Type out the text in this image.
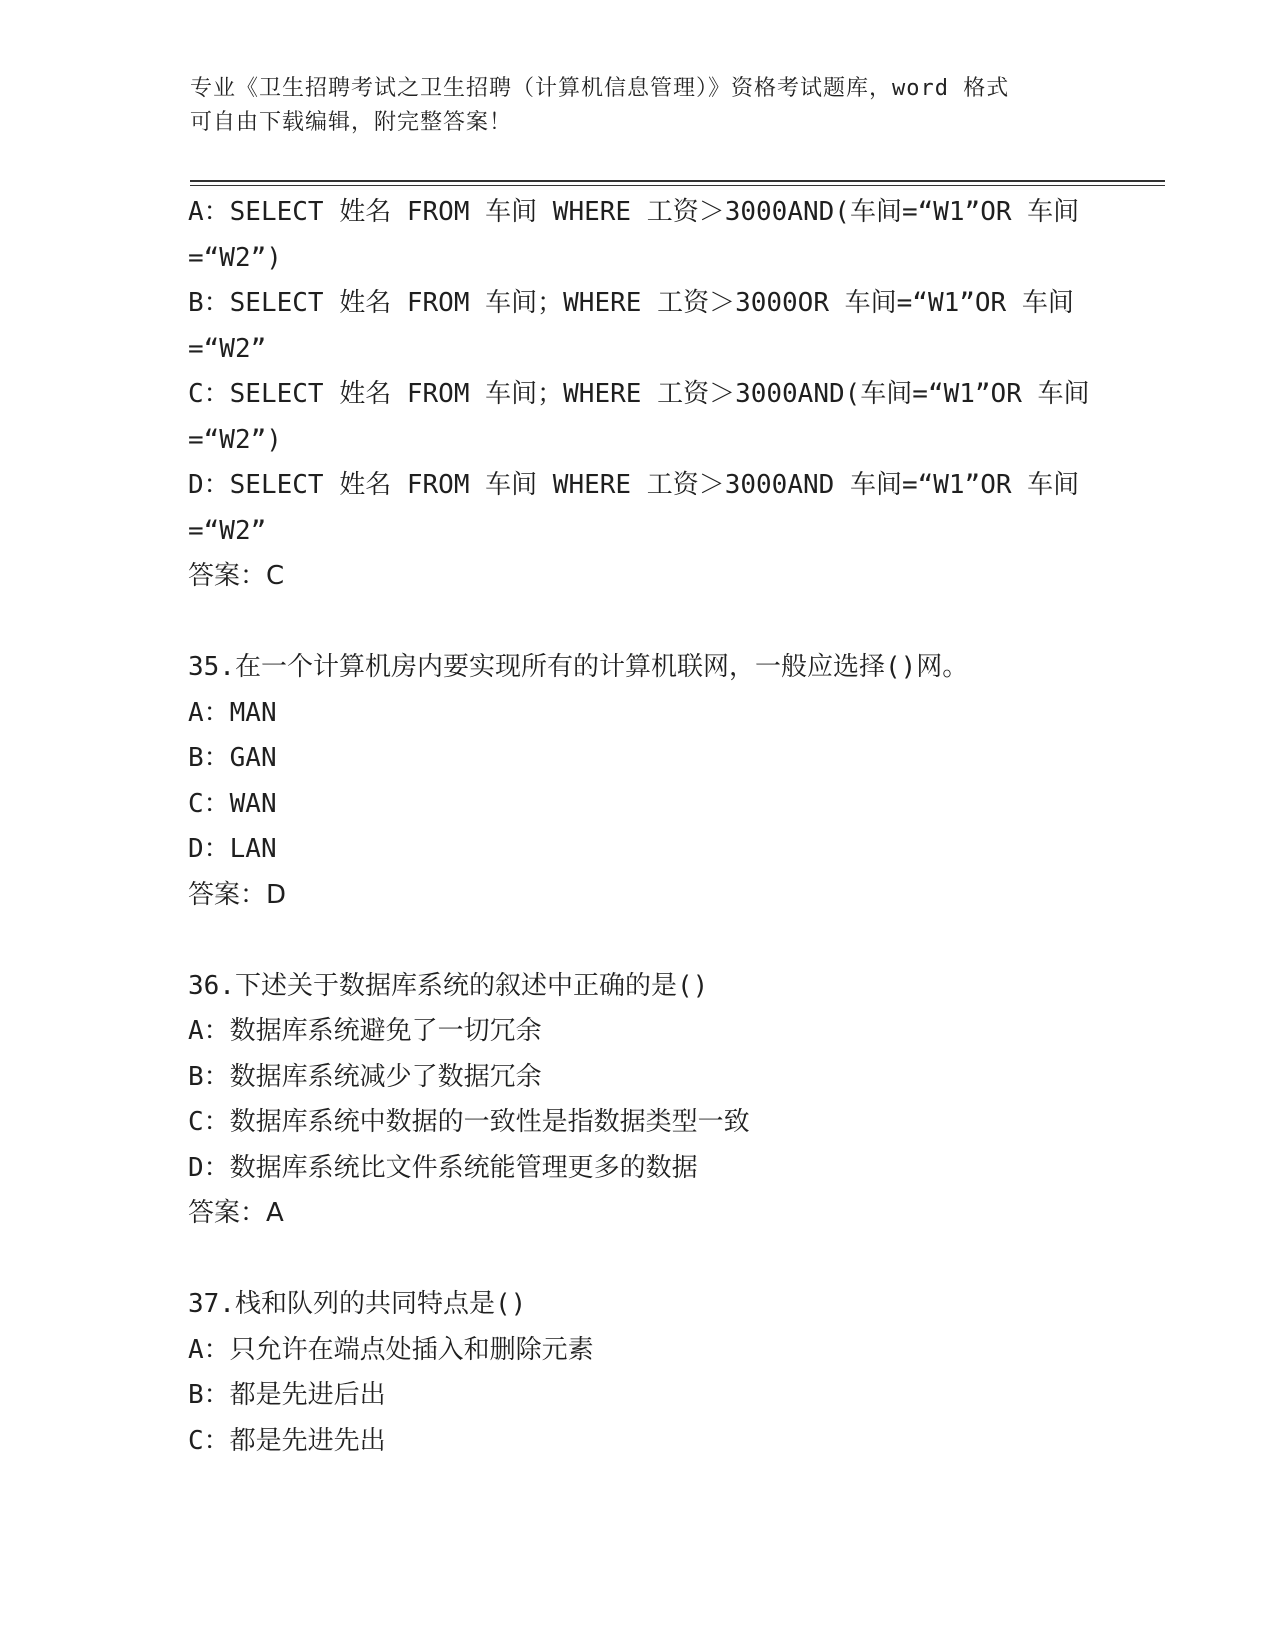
专业《卫生招聘考试之卫生招聘（计算机信息管理）》资格考试题库，word 格式
可自由下载编辑，附完整答案！
A：SELECT 姓名 FROM 车间 WHERE 工资＞3000AND(车间=“W1”OR 车间
=“W2”)
B：SELECT 姓名 FROM 车间；WHERE 工资＞3000OR 车间=“W1”OR 车间
=“W2”
C：SELECT 姓名 FROM 车间；WHERE 工资＞3000AND(车间=“W1”OR 车间
=“W2”)
D：SELECT 姓名 FROM 车间 WHERE 工资＞3000AND 车间=“W1”OR 车间
=“W2”
答案：C
35.在一个计算机房内要实现所有的计算机联网，一般应选择()网。
A：MAN
B：GAN
C：WAN
D：LAN
答案：D
36.下述关于数据库系统的叙述中正确的是()
A：数据库系统避免了一切冗余
B：数据库系统减少了数据冗余
C：数据库系统中数据的一致性是指数据类型一致
D：数据库系统比文件系统能管理更多的数据
答案：A
37.栈和队列的共同特点是()
A：只允许在端点处插入和删除元素
B：都是先进后出
C：都是先进先出
